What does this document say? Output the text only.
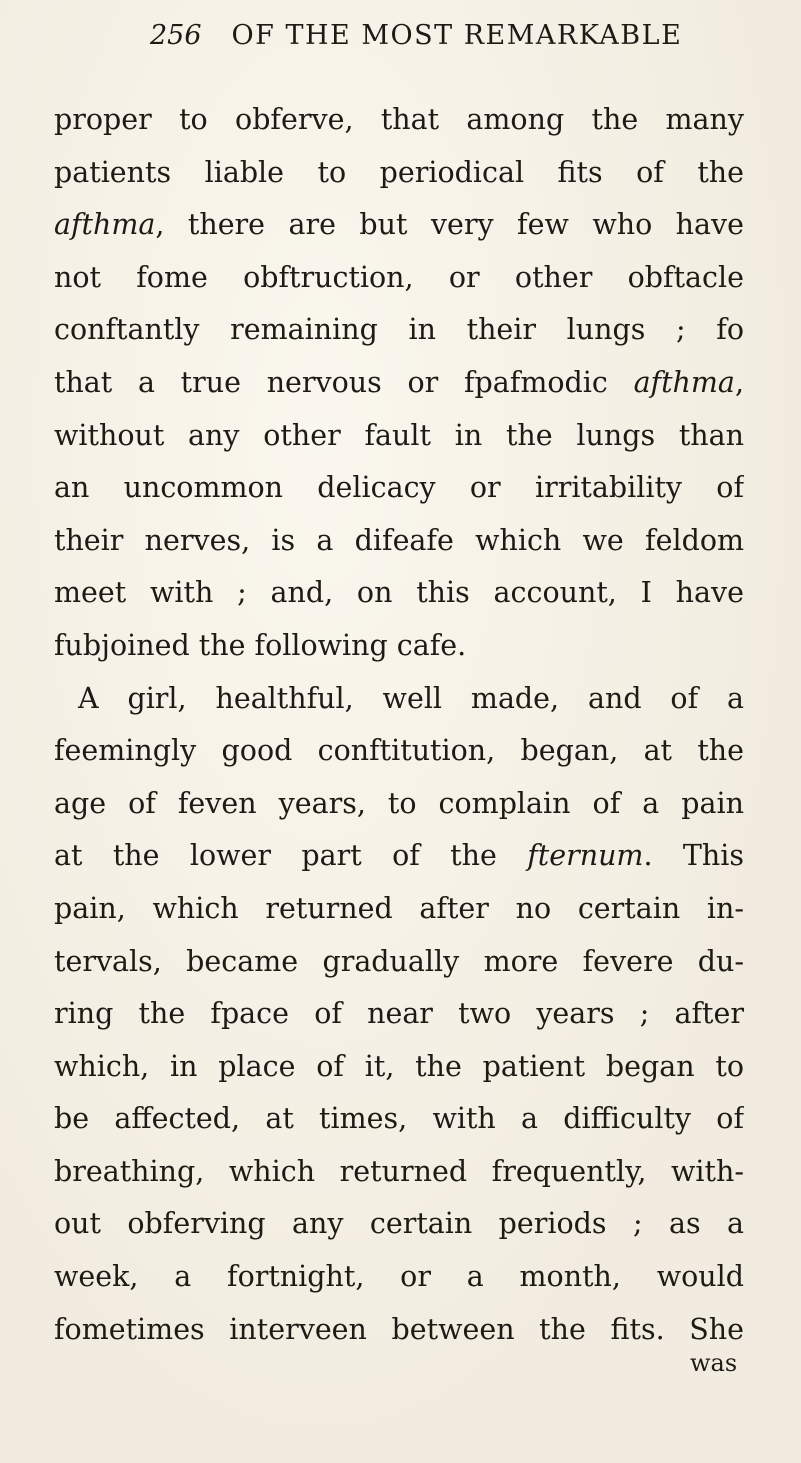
256 OF THE MOST REMARKABLE
proper to obferve, that among the many
patients liable to periodical fits of the
afthma, there are but very few who have
not fome obftruction, or other obftacle
conftantly remaining in their lungs ; fo
that a true nervous or fpafmodic afthma,
without any other fault in the lungs than
an uncommon delicacy or irritability of
their nerves, is a difeafe which we feldom
meet with ; and, on this account, I have
fubjoined the following cafe.
A girl, healthful, well made, and of a
feemingly good conftitution, began, at the
age of feven years, to complain of a pain
at the lower part of the fternum. This
pain, which returned after no certain in-
tervals, became gradually more fevere du-
ring the fpace of near two years ; after
which, in place of it, the patient began to
be affected, at times, with a difficulty of
breathing, which returned frequently, with-
out obferving any certain periods ; as a
week, a fortnight, or a month, would
fometimes interveen between the fits. She
was
